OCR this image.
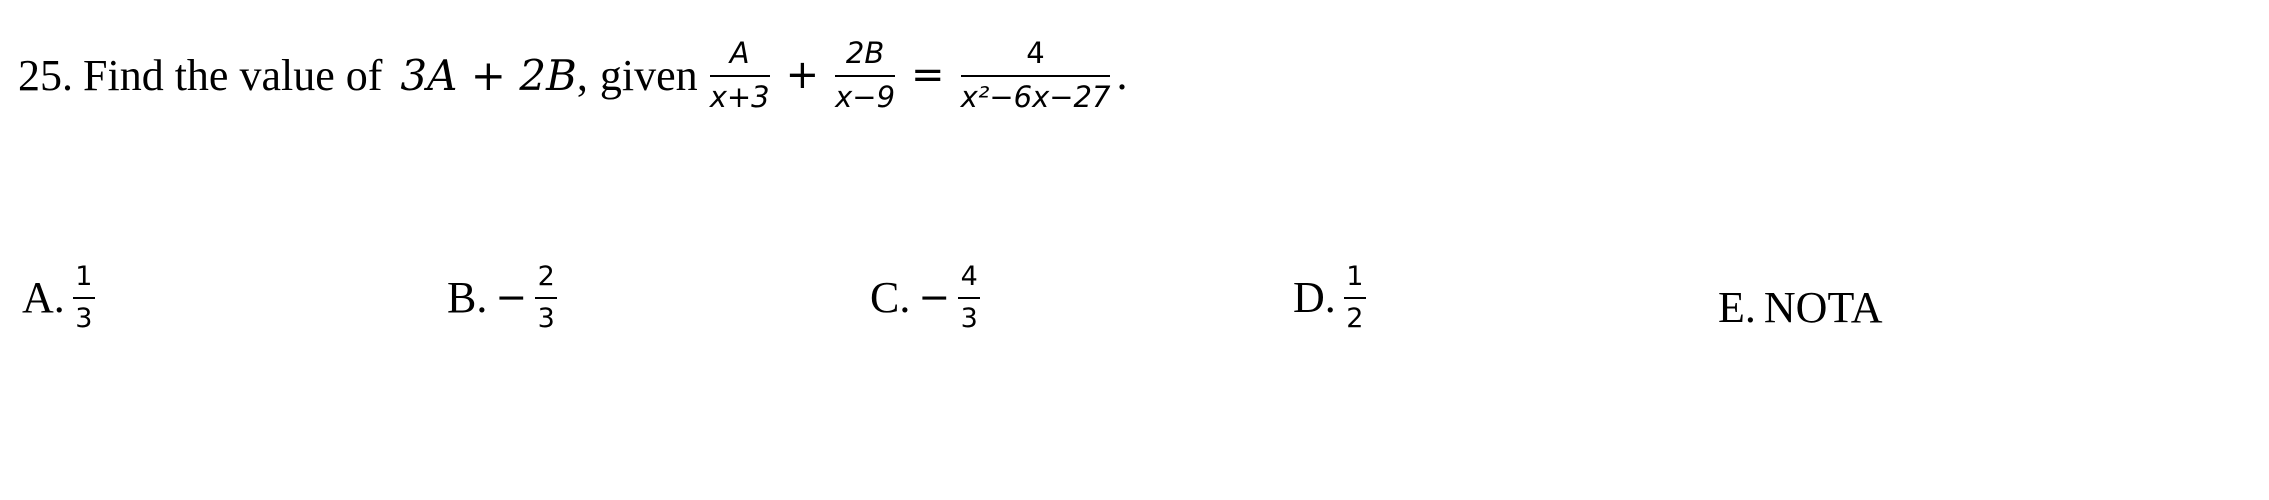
25. Find the value of 3A + 2B , given $\frac{A}{x+3} + \frac{2B}{x-9} = \frac{4}{\text{x²−6x−27}}$ .
A. $\frac{1}{3}$	B. − $\frac{2}{3}$	C. − $\frac{4}{3}$	D. $\frac{1}{2}$	E. NOTA
